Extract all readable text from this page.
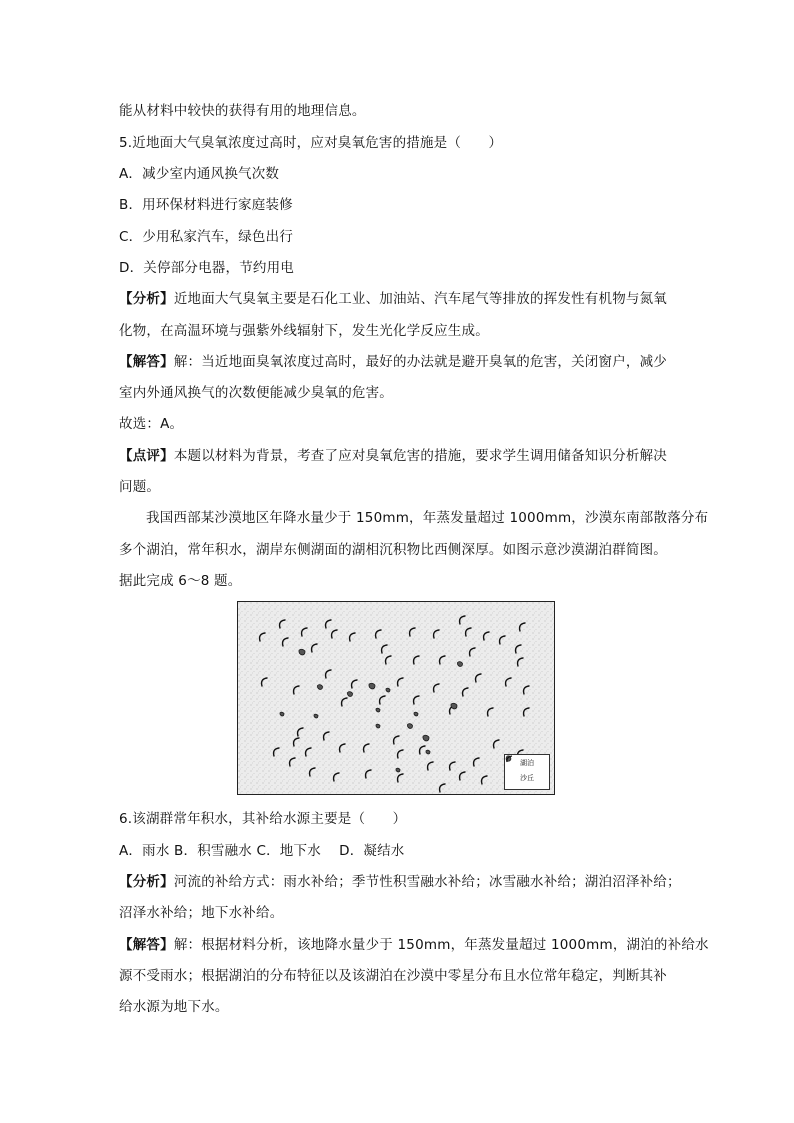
能从材料中较快的获得有用的地理信息。
5.近地面大气臭氧浓度过高时，应对臭氧危害的措施是（　　）
A．减少室内通风换气次数
B．用环保材料进行家庭装修
C．少用私家汽车，绿色出行
D．关停部分电器，节约用电
【分析】近地面大气臭氧主要是石化工业、加油站、汽车尾气等排放的挥发性有机物与氮氧
化物，在高温环境与强紫外线辐射下，发生光化学反应生成。
【解答】解：当近地面臭氧浓度过高时，最好的办法就是避开臭氧的危害，关闭窗户，减少
室内外通风换气的次数便能减少臭氧的危害。
故选：A。
【点评】本题以材料为背景，考查了应对臭氧危害的措施，要求学生调用储备知识分析解决
问题。
我国西部某沙漠地区年降水量少于 150mm，年蒸发量超过 1000mm，沙漠东南部散落分布
多个湖泊，常年积水，湖岸东侧湖面的湖相沉积物比西侧深厚。如图示意沙漠湖泊群简图。
据此完成 6～8 题。
湖泊
沙丘
6.该湖群常年积水，其补给水源主要是（　　）
A．雨水 B．积雪融水 C．地下水　 D．凝结水
【分析】河流的补给方式：雨水补给；季节性积雪融水补给；冰雪融水补给；湖泊沼泽补给；
沼泽水补给；地下水补给。
【解答】解：根据材料分析，该地降水量少于 150mm，年蒸发量超过 1000mm，湖泊的补给水
源不受雨水；根据湖泊的分布特征以及该湖泊在沙漠中零星分布且水位常年稳定，判断其补
给水源为地下水。
